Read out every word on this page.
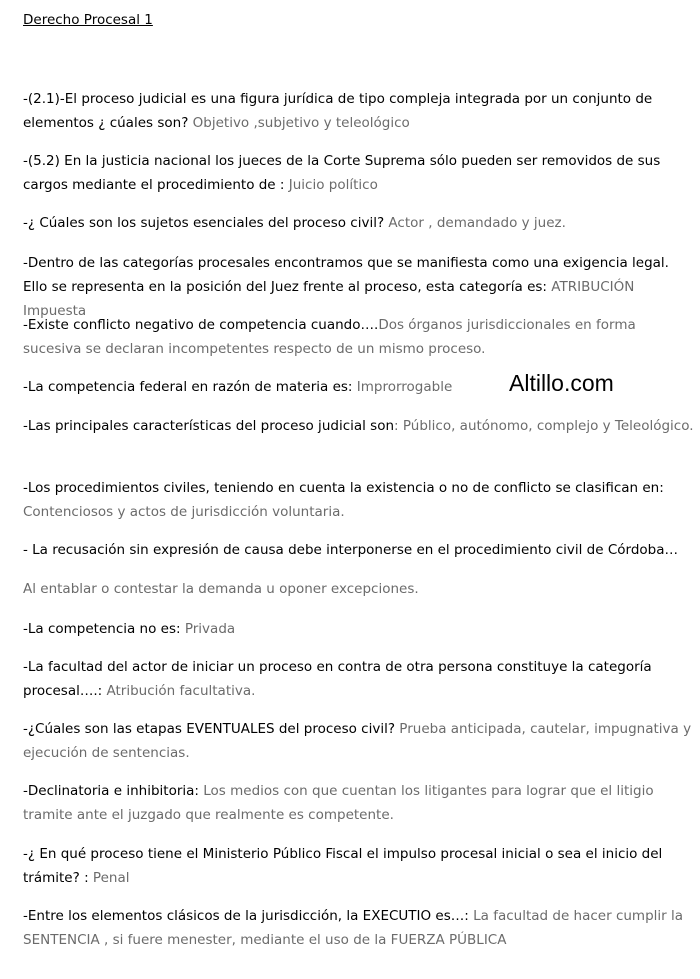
Derecho Procesal 1
-(2.1)-El proceso judicial es una figura jurídica de tipo compleja integrada por un conjunto de elementos ¿ cúales son? Objetivo ,subjetivo y teleológico
-(5.2) En la justicia nacional los jueces de la Corte Suprema sólo pueden ser removidos de sus cargos mediante el procedimiento de : Juicio político
-¿ Cúales son los sujetos esenciales del proceso civil? Actor , demandado y juez.
-Dentro de las categorías procesales encontramos que se manifiesta como una exigencia legal. Ello se representa en la posición del Juez frente al proceso, esta categoría es: ATRIBUCIÓN Impuesta
-Existe conflicto negativo de competencia cuando….Dos órganos jurisdiccionales en forma sucesiva se declaran incompetentes respecto de un mismo proceso.
-La competencia federal en razón de materia es: Improrrogable	Altillo.com
-Las principales características del proceso judicial son: Público, autónomo, complejo y Teleológico.
-Los procedimientos civiles, teniendo en cuenta la existencia o no de conflicto se clasifican en: Contenciosos y actos de jurisdicción voluntaria.
- La recusación sin expresión de causa debe interponerse en el procedimiento civil de Córdoba…
Al entablar o contestar la demanda u oponer excepciones.
-La competencia no es: Privada
-La facultad del actor de iniciar un proceso en contra de otra persona constituye la categoría procesal….: Atribución facultativa.
-¿Cúales son las etapas EVENTUALES del proceso civil? Prueba anticipada, cautelar, impugnativa y ejecución de sentencias.
-Declinatoria e inhibitoria: Los medios con que cuentan los litigantes para lograr que el litigio tramite ante el juzgado que realmente es competente.
-¿ En qué proceso tiene el Ministerio Público Fiscal el impulso procesal inicial o sea el inicio del trámite? : Penal
-Entre los elementos clásicos de la jurisdicción, la EXECUTIO es…: La facultad de hacer cumplir la SENTENCIA , si fuere menester, mediante el uso de la FUERZA PÚBLICA
